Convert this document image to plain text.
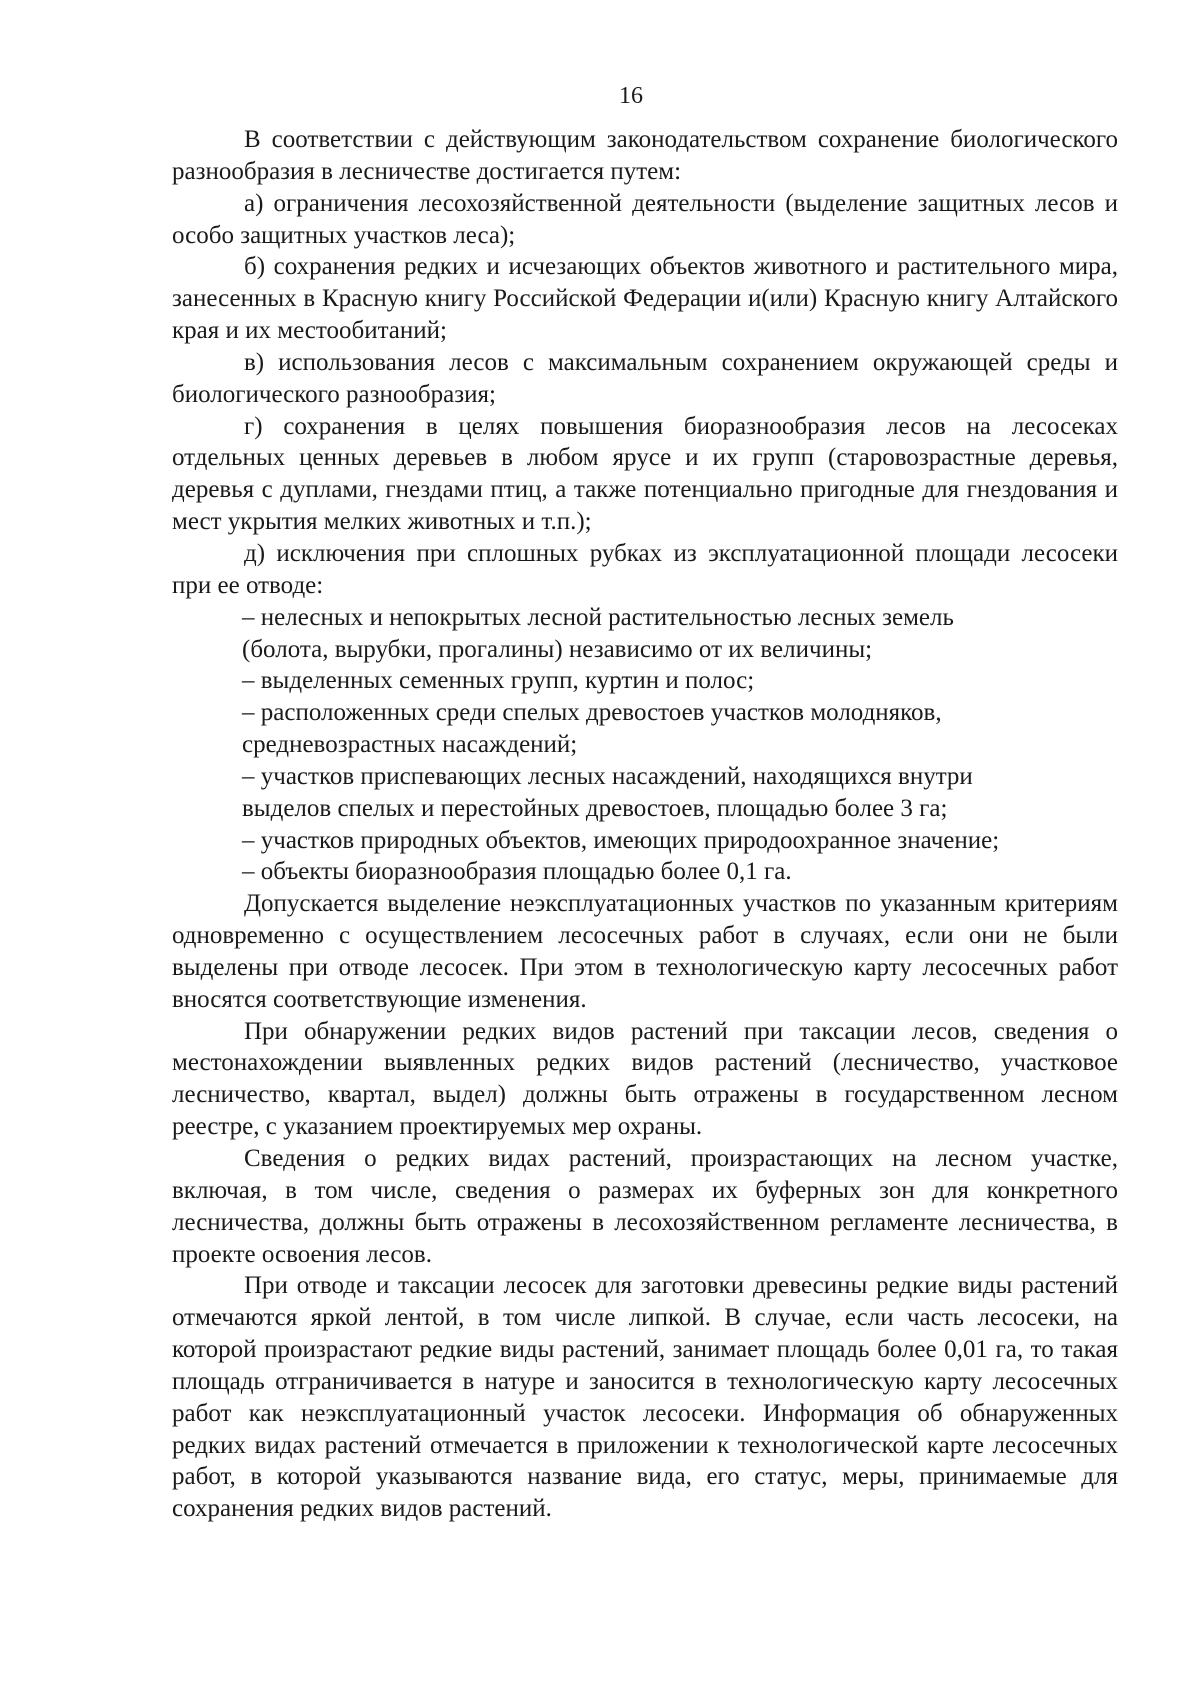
16

В соответствии с действующим законодательством сохранение биологического разнообразия в лесничестве достигается путем:

а) ограничения лесохозяйственной деятельности (выделение защитных лесов и особо защитных участков леса);

б) сохранения редких и исчезающих объектов животного и растительного мира, занесенных в Красную книгу Российской Федерации и(или) Красную книгу Алтайского края и их местообитаний;

в) использования лесов с максимальным сохранением окружающей среды и биологического разнообразия;

г) сохранения в целях повышения биоразнообразия лесов на лесосеках отдельных ценных деревьев в любом ярусе и их групп (старовозрастные деревья, деревья с дуплами, гнездами птиц, а также потенциально пригодные для гнездования и мест укрытия мелких животных и т.п.);

д) исключения при сплошных рубках из эксплуатационной площади лесосеки при ее отводе:

– нелесных и непокрытых лесной растительностью лесных земель
(болота, вырубки, прогалины) независимо от их величины;

– выделенных семенных групп, куртин и полос;

– расположенных среди спелых древостоев участков молодняков,
средневозрастных насаждений;

– участков приспевающих лесных насаждений, находящихся внутри
выделов спелых и перестойных древостоев, площадью более 3 га;

– участков природных объектов, имеющих природоохранное значение;

– объекты биоразнообразия площадью более 0,1 га.

Допускается выделение неэксплуатационных участков по указанным критериям одновременно с осуществлением лесосечных работ в случаях, если они не были выделены при отводе лесосек. При этом в технологическую карту лесосечных работ вносятся соответствующие изменения.

При обнаружении редких видов растений при таксации лесов, сведения о местонахождении выявленных редких видов растений (лесничество, участковое лесничество, квартал, выдел) должны быть отражены в государственном лесном реестре, с указанием проектируемых мер охраны.

Сведения о редких видах растений, произрастающих на лесном участке, включая, в том числе, сведения о размерах их буферных зон для конкретного лесничества, должны быть отражены в лесохозяйственном регламенте лесничества, в проекте освоения лесов.

При отводе и таксации лесосек для заготовки древесины редкие виды растений отмечаются яркой лентой, в том числе липкой. В случае, если часть лесосеки, на которой произрастают редкие виды растений, занимает площадь более 0,01 га, то такая площадь отграничивается в натуре и заносится в технологическую карту лесосечных работ как неэксплуатационный участок лесосеки. Информация об обнаруженных редких видах растений отмечается в приложении к технологической карте лесосечных работ, в которой указываются название вида, его статус, меры, принимаемые для сохранения редких видов растений.
